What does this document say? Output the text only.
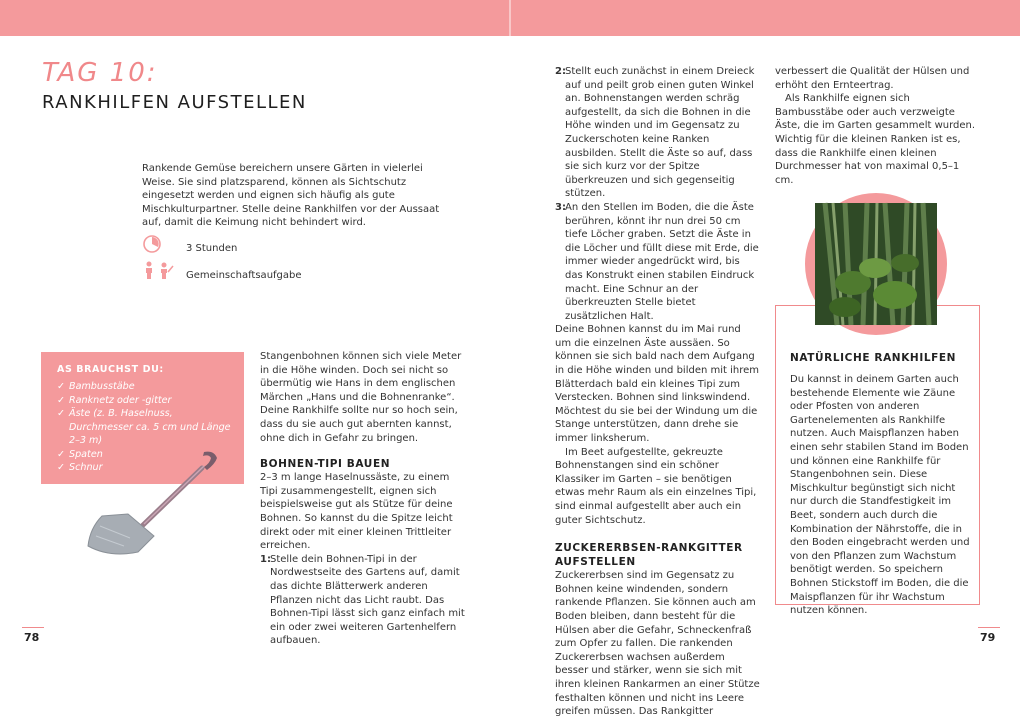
TAG 10:
RANKHILFEN AUFSTELLEN

Rankende Gemüse bereichern unsere Gärten in vielerlei Weise. Sie sind platzsparend, können als Sichtschutz eingesetzt werden und eignen sich häufig als gute Mischkulturpartner. Stelle deine Rankhilfen vor der Aussaat auf, damit die Keimung nicht behindert wird.

3 Stunden
Gemeinschaftsaufgabe
AS BRAUCHST DU:
✓ Bambusstäbe
✓ Ranknetz oder -gitter
✓ Äste (z. B. Haselnuss, Durchmesser ca. 5 cm und Länge 2–3 m)
✓ Spaten
✓ Schnur

Stangenbohnen können sich viele Meter in die Höhe winden. Doch sei nicht so übermütig wie Hans in dem englischen Märchen „Hans und die Bohnenranke“. Deine Rankhilfe sollte nur so hoch sein, dass du sie auch gut abernten kannst, ohne dich in Gefahr zu bringen.

BOHNEN-TIPI BAUEN

2–3 m lange Haselnussäste, zu einem Tipi zusammengestellt, eignen sich beispielsweise gut als Stütze für deine Bohnen. So kannst du die Spitze leicht direkt oder mit einer kleinen Trittleiter erreichen.

1: Stelle dein Bohnen-Tipi in der Nordwestseite des Gartens auf, damit das dichte Blätterwerk anderen Pflanzen nicht das Licht raubt. Das Bohnen-Tipi lässt sich ganz einfach mit ein oder zwei weiteren Gartenhelfern aufbauen.

2: Stellt euch zunächst in einem Dreieck auf und peilt grob einen guten Winkel an. Bohnenstangen werden schräg aufgestellt, da sich die Bohnen in die Höhe winden und im Gegensatz zu Zuckerschoten keine Ranken ausbilden. Stellt die Äste so auf, dass sie sich kurz vor der Spitze überkreuzen und sich gegenseitig stützen.

3: An den Stellen im Boden, die die Äste berühren, könnt ihr nun drei 50 cm tiefe Löcher graben. Setzt die Äste in die Löcher und füllt diese mit Erde, die immer wieder angedrückt wird, bis das Konstrukt einen stabilen Eindruck macht. Eine Schnur an der überkreuzten Stelle bietet zusätzlichen Halt.

Deine Bohnen kannst du im Mai rund um die einzelnen Äste aussäen. So können sie sich bald nach dem Aufgang in die Höhe winden und bilden mit ihrem Blätterdach bald ein kleines Tipi zum Verstecken. Bohnen sind linkswindend. Möchtest du sie bei der Windung um die Stange unterstützen, dann drehe sie immer linksherum.

Im Beet aufgestellte, gekreuzte Bohnenstangen sind ein schöner Klassiker im Garten – sie benötigen etwas mehr Raum als ein einzelnes Tipi, sind einmal aufgestellt aber auch ein guter Sichtschutz.

ZUCKERERBSEN-RANKGITTER AUFSTELLEN

Zuckererbsen sind im Gegensatz zu Bohnen keine windenden, sondern rankende Pflanzen. Sie können auch am Boden bleiben, dann besteht für die Hülsen aber die Gefahr, Schneckenfraß zum Opfer zu fallen. Die rankenden Zuckererbsen wachsen außerdem besser und stärker, wenn sie sich mit ihren kleinen Rankarmen an einer Stütze festhalten können und nicht ins Leere greifen müssen. Das Rankgitter

verbessert die Qualität der Hülsen und erhöht den Ernteertrag.

Als Rankhilfe eignen sich Bambusstäbe oder auch verzweigte Äste, die im Garten gesammelt wurden. Wichtig für die kleinen Ranken ist es, dass die Rankhilfe einen kleinen Durchmesser hat von maximal 0,5–1 cm.

NATÜRLICHE RANKHILFEN

Du kannst in deinem Garten auch bestehende Elemente wie Zäune oder Pfosten von anderen Gartenelementen als Rankhilfe nutzen. Auch Maispflanzen haben einen sehr stabilen Stand im Boden und können eine Rankhilfe für Stangenbohnen sein. Diese Mischkultur begünstigt sich nicht nur durch die Standfestigkeit im Beet, sondern auch durch die Kombination der Nährstoffe, die in den Boden eingebracht werden und von den Pflanzen zum Wachstum benötigt werden. So speichern Bohnen Stickstoff im Boden, die die Maispflanzen für ihr Wachstum nutzen können.

78	79
